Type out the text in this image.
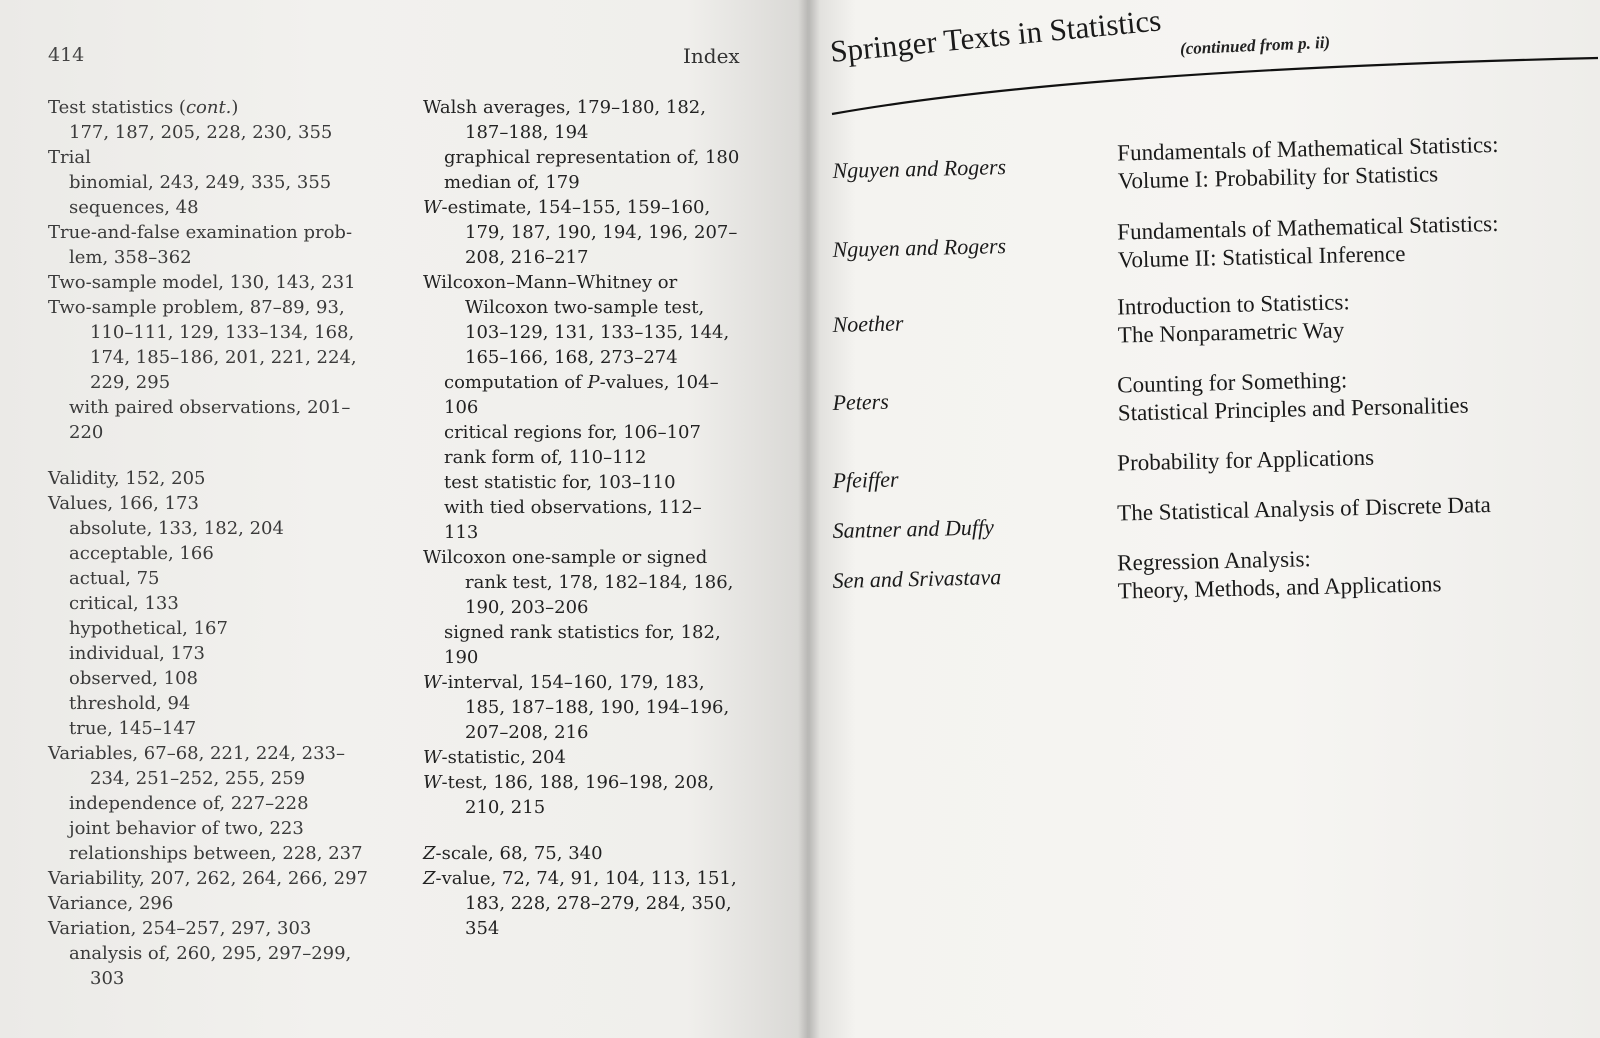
414	Index
Test statistics (cont.)
177, 187, 205, 228, 230, 355
Trial
binomial, 243, 249, 335, 355
sequences, 48
True-and-false examination prob-
lem, 358–362
Two-sample model, 130, 143, 231
Two-sample problem, 87–89, 93,
110–111, 129, 133–134, 168,
174, 185–186, 201, 221, 224,
229, 295
with paired observations, 201–
220
Validity, 152, 205
Values, 166, 173
absolute, 133, 182, 204
acceptable, 166
actual, 75
critical, 133
hypothetical, 167
individual, 173
observed, 108
threshold, 94
true, 145–147
Variables, 67–68, 221, 224, 233–
234, 251–252, 255, 259
independence of, 227–228
joint behavior of two, 223
relationships between, 228, 237
Variability, 207, 262, 264, 266, 297
Variance, 296
Variation, 254–257, 297, 303
analysis of, 260, 295, 297–299,
303
Walsh averages, 179–180, 182,
187–188, 194
graphical representation of, 180
median of, 179
W-estimate, 154–155, 159–160,
179, 187, 190, 194, 196, 207–
208, 216–217
Wilcoxon–Mann–Whitney or
Wilcoxon two-sample test,
103–129, 131, 133–135, 144,
165–166, 168, 273–274
computation of P-values, 104–
106
critical regions for, 106–107
rank form of, 110–112
test statistic for, 103–110
with tied observations, 112–
113
Wilcoxon one-sample or signed
rank test, 178, 182–184, 186,
190, 203–206
signed rank statistics for, 182,
190
W-interval, 154–160, 179, 183,
185, 187–188, 190, 194–196,
207–208, 216
W-statistic, 204
W-test, 186, 188, 196–198, 208,
210, 215
Z-scale, 68, 75, 340
Z-value, 72, 74, 91, 104, 113, 151,
183, 228, 278–279, 284, 350,
354
Springer Texts in Statistics (continued from p. ii)
Nguyen and Rogers
Fundamentals of Mathematical Statistics:
Volume I: Probability for Statistics
Nguyen and Rogers
Fundamentals of Mathematical Statistics:
Volume II: Statistical Inference
Noether
Introduction to Statistics:
The Nonparametric Way
Peters
Counting for Something:
Statistical Principles and Personalities
Pfeiffer
Probability for Applications
Santner and Duffy
The Statistical Analysis of Discrete Data
Sen and Srivastava
Regression Analysis:
Theory, Methods, and Applications
